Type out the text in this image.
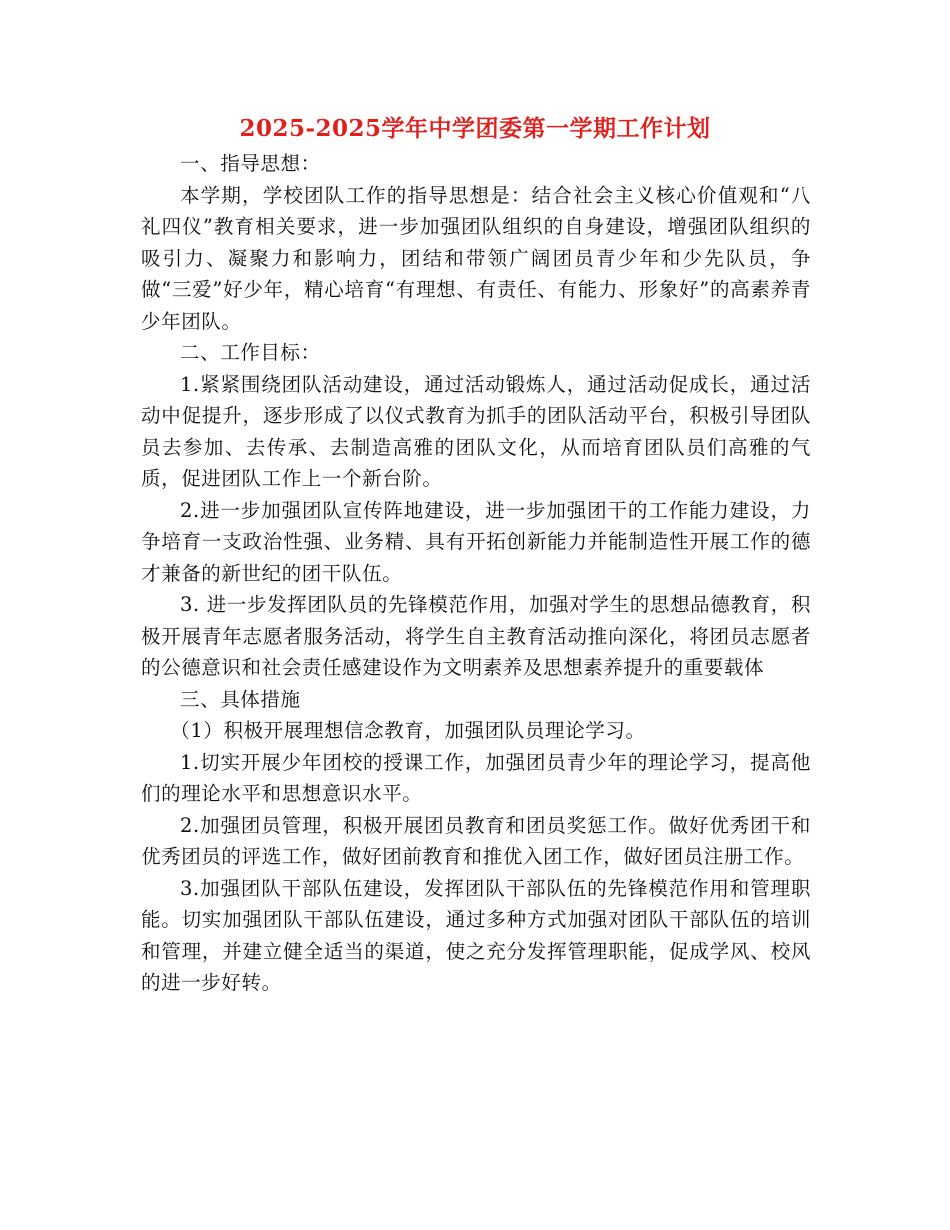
2025-2025学年中学团委第一学期工作计划

一、指导思想：

本学期，学校团队工作的指导思想是：结合社会主义核心价值观和“八礼四仪”教育相关要求，进一步加强团队组织的自身建设，增强团队组织的吸引力、凝聚力和影响力，团结和带领广阔团员青少年和少先队员，争做“三爱”好少年，精心培育“有理想、有责任、有能力、形象好”的高素养青少年团队。

二、工作目标：

1.紧紧围绕团队活动建设，通过活动锻炼人，通过活动促成长，通过活动中促提升，逐步形成了以仪式教育为抓手的团队活动平台，积极引导团队员去参加、去传承、去制造高雅的团队文化，从而培育团队员们高雅的气质，促进团队工作上一个新台阶。

2.进一步加强团队宣传阵地建设，进一步加强团干的工作能力建设，力争培育一支政治性强、业务精、具有开拓创新能力并能制造性开展工作的德才兼备的新世纪的团干队伍。

3. 进一步发挥团队员的先锋模范作用，加强对学生的思想品德教育，积极开展青年志愿者服务活动，将学生自主教育活动推向深化，将团员志愿者的公德意识和社会责任感建设作为文明素养及思想素养提升的重要载体

三、具体措施

（1）积极开展理想信念教育，加强团队员理论学习。

1.切实开展少年团校的授课工作，加强团员青少年的理论学习，提高他们的理论水平和思想意识水平。

2.加强团员管理，积极开展团员教育和团员奖惩工作。做好优秀团干和优秀团员的评选工作，做好团前教育和推优入团工作，做好团员注册工作。

3.加强团队干部队伍建设，发挥团队干部队伍的先锋模范作用和管理职能。切实加强团队干部队伍建设，通过多种方式加强对团队干部队伍的培训和管理，并建立健全适当的渠道，使之充分发挥管理职能，促成学风、校风的进一步好转。
